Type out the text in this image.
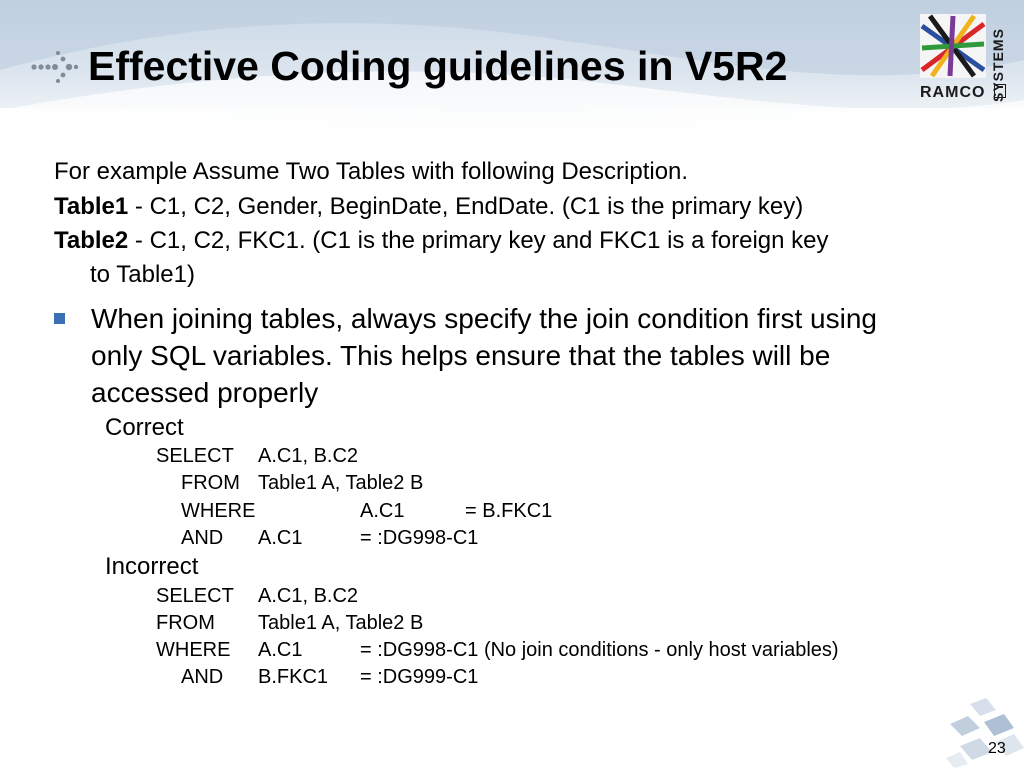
Effective Coding guidelines in V5R2
RAMCO SYSTEMS
For example Assume Two Tables with following Description.
Table1 - C1, C2, Gender, BeginDate, EndDate. (C1 is the primary key)
Table2 - C1, C2, FKC1. (C1 is the primary key and FKC1 is a foreign key
to Table1)
When joining tables, always specify the join condition first using
only SQL variables. This helps ensure that the tables will be
accessed properly
Correct
SELECT A.C1, B.C2
FROM Table1 A, Table2 B
WHERE	A.C1	= B.FKC1
AND A.C1	= :DG998-C1
Incorrect
SELECT A.C1, B.C2
FROM Table1 A, Table2 B
WHERE A.C1	= :DG998-C1 (No join conditions - only host variables)
AND B.FKC1 = :DG999-C1
23
